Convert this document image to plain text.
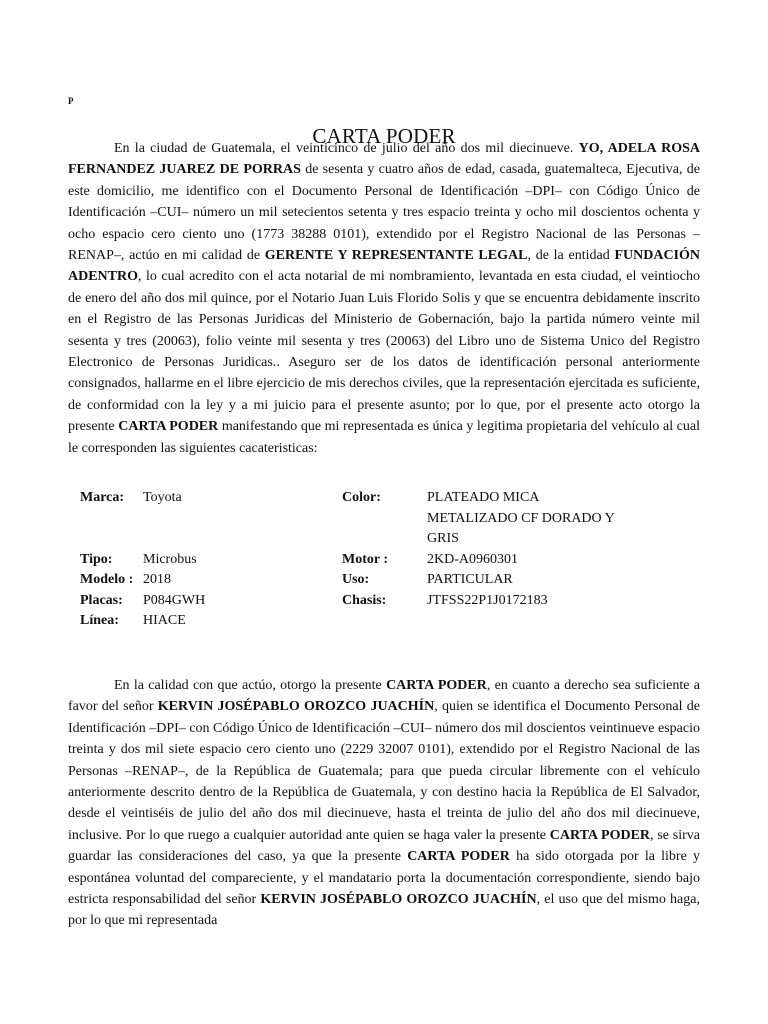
P
CARTA PODER

En la ciudad de Guatemala, el veinticinco de julio del año dos mil diecinueve. YO, ADELA ROSA FERNANDEZ JUAREZ DE PORRAS de sesenta y cuatro años de edad, casada, guatemalteca, Ejecutiva, de este domicilio, me identifico con el Documento Personal de Identificación –DPI– con Código Único de Identificación –CUI– número un mil setecientos setenta y tres espacio treinta y ocho mil doscientos ochenta y ocho espacio cero ciento uno (1773 38288 0101), extendido por el Registro Nacional de las Personas –RENAP–, actúo en mi calidad de GERENTE Y REPRESENTANTE LEGAL, de la entidad FUNDACIÓN ADENTRO, lo cual acredito con el acta notarial de mi nombramiento, levantada en esta ciudad, el veintiocho de enero del año dos mil quince, por el Notario Juan Luis Florido Solis y que se encuentra debidamente inscrito en el Registro de las Personas Juridicas del Ministerio de Gobernación, bajo la partida número veinte mil sesenta y tres (20063), folio veinte mil sesenta y tres (20063) del Libro uno de Sistema Unico del Registro Electronico de Personas Juridicas.. Aseguro ser de los datos de identificación personal anteriormente consignados, hallarme en el libre ejercicio de mis derechos civiles, que la representación ejercitada es suficiente, de conformidad con la ley y a mi juicio para el presente asunto; por lo que, por el presente acto otorgo la presente CARTA PODER manifestando que mi representada es única y legitima propietaria del vehículo al cual le corresponden las siguientes cacateristicas:

Marca:	Toyota	Color:	PLATEADO MICA METALIZADO CF DORADO Y GRIS
Tipo:	Microbus	Motor :	2KD-A0960301
Modelo : 2018	Uso:	PARTICULAR
Placas:	P084GWH	Chasis:	JTFSS22P1J0172183
Línea:	HIACE

En la calidad con que actúo, otorgo la presente CARTA PODER, en cuanto a derecho sea suficiente a favor del señor KERVIN JOSÉPABLO OROZCO JUACHÍN, quien se identifica el Documento Personal de Identificación –DPI– con Código Único de Identificación –CUI– número dos mil doscientos veintinueve espacio treinta y dos mil siete espacio cero ciento uno (2229 32007 0101), extendido por el Registro Nacional de las Personas –RENAP–, de la República de Guatemala; para que pueda circular libremente con el vehículo anteriormente descrito dentro de la República de Guatemala, y con destino hacia la República de El Salvador, desde el veintiséis de julio del año dos mil diecinueve, hasta el treinta de julio del año dos mil diecinueve, inclusive. Por lo que ruego a cualquier autoridad ante quien se haga valer la presente CARTA PODER, se sirva guardar las consideraciones del caso, ya que la presente CARTA PODER ha sido otorgada por la libre y espontánea voluntad del compareciente, y el mandatario porta la documentación correspondiente, siendo bajo estricta responsabilidad del señor KERVIN JOSÉPABLO OROZCO JUACHÍN, el uso que del mismo haga, por lo que mi representada
